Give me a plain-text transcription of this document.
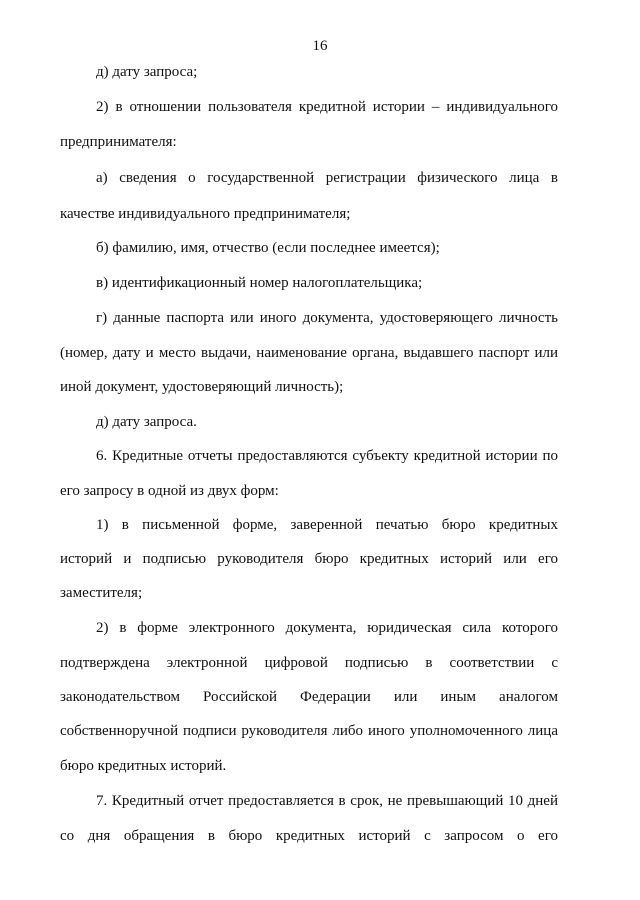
16
д) дату запроса;
2) в отношении пользователя кредитной истории – индивидуального
предпринимателя:
а) сведения о государственной регистрации физического лица в
качестве индивидуального предпринимателя;
б) фамилию, имя, отчество (если последнее имеется);
в) идентификационный номер налогоплательщика;
г) данные паспорта или иного документа, удостоверяющего личность
(номер, дату и место выдачи, наименование органа, выдавшего паспорт или
иной документ, удостоверяющий личность);
д) дату запроса.
6. Кредитные отчеты предоставляются субъекту кредитной истории по
его запросу в одной из двух форм:
1) в письменной форме, заверенной печатью бюро кредитных
историй и подписью руководителя бюро кредитных историй или его
заместителя;
2) в форме электронного документа, юридическая сила которого
подтверждена электронной цифровой подписью в соответствии с
законодательством Российской Федерации или иным аналогом
собственноручной подписи руководителя либо иного уполномоченного лица
бюро кредитных историй.
7. Кредитный отчет предоставляется в срок, не превышающий 10 дней
со дня обращения в бюро кредитных историй с запросом о его
